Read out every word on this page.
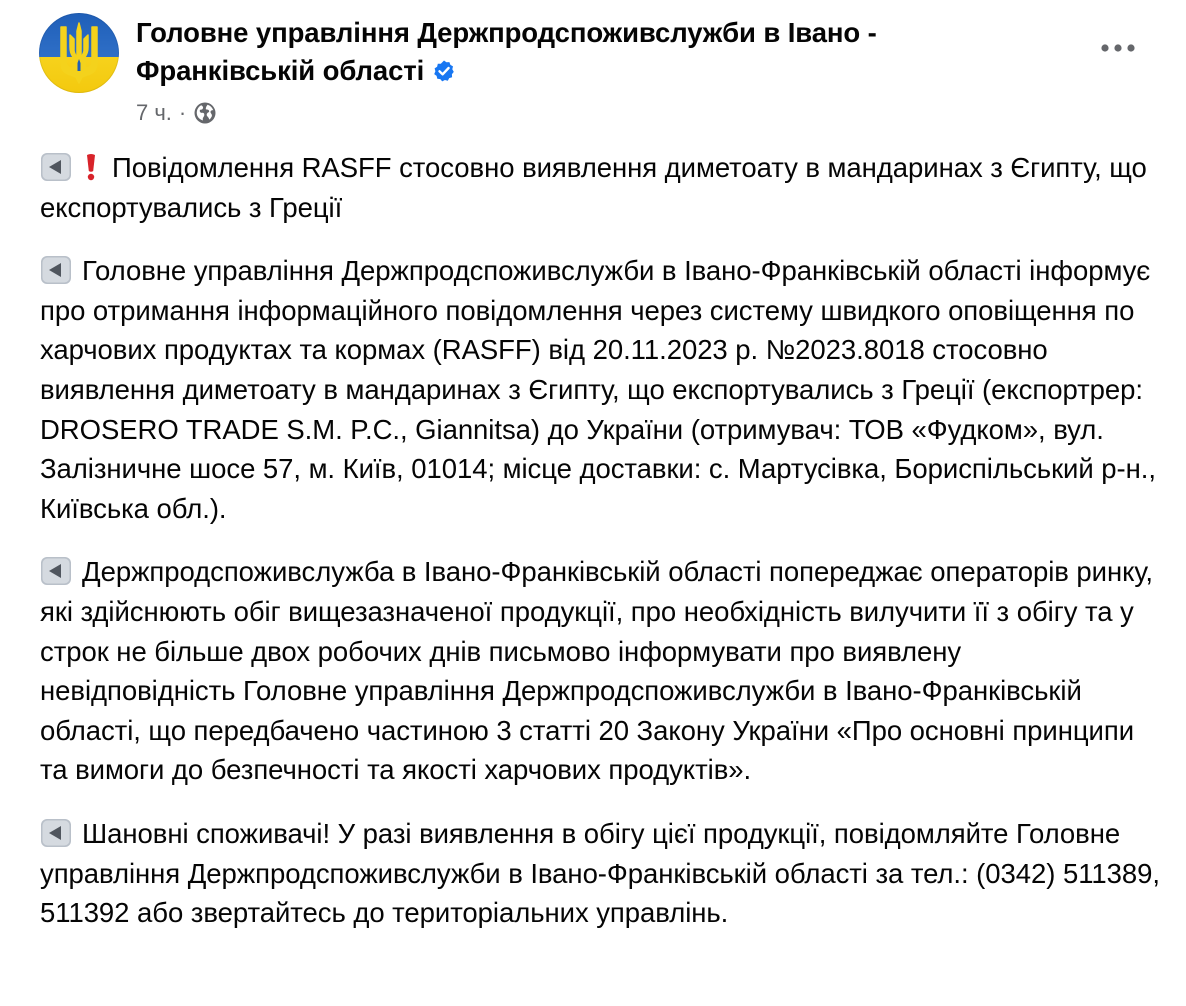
Головне управління Держпродспоживслужби в Івано - Франківській області
7 ч. ·

Повідомлення RASFF стосовно виявлення диметоату в мандаринах з Єгипту, що експортувались з Греції

Головне управління Держпродспоживслужби в Івано-Франківській області інформує про отримання інформаційного повідомлення через систему швидкого оповіщення по харчових продуктах та кормах (RASFF) від 20.11.2023 р. №2023.8018 стосовно виявлення диметоату в мандаринах з Єгипту, що експортувались з Греції (експортрер: DROSERO TRADE S.M. P.C., Giannitsa) до України (отримувач: ТОВ «Фудком», вул. Залізничне шосе 57, м. Київ, 01014; місце доставки: с. Мартусівка, Бориспільський р-н., Київська обл.).

Держпродспоживслужба в Івано-Франківській області попереджає операторів ринку, які здійснюють обіг вищезазначеної продукції, про необхідність вилучити її з обігу та у строк не більше двох робочих днів письмово інформувати про виявлену невідповідність Головне управління Держпродспоживслужби в Івано-Франківській області, що передбачено частиною 3 статті 20 Закону України «Про основні принципи та вимоги до безпечності та якості харчових продуктів».

Шановні споживачі! У разі виявлення в обігу цієї продукції, повідомляйте Головне управління Держпродспоживслужби в Івано-Франківській області за тел.: (0342) 511389, 511392 або звертайтесь до територіальних управлінь.
